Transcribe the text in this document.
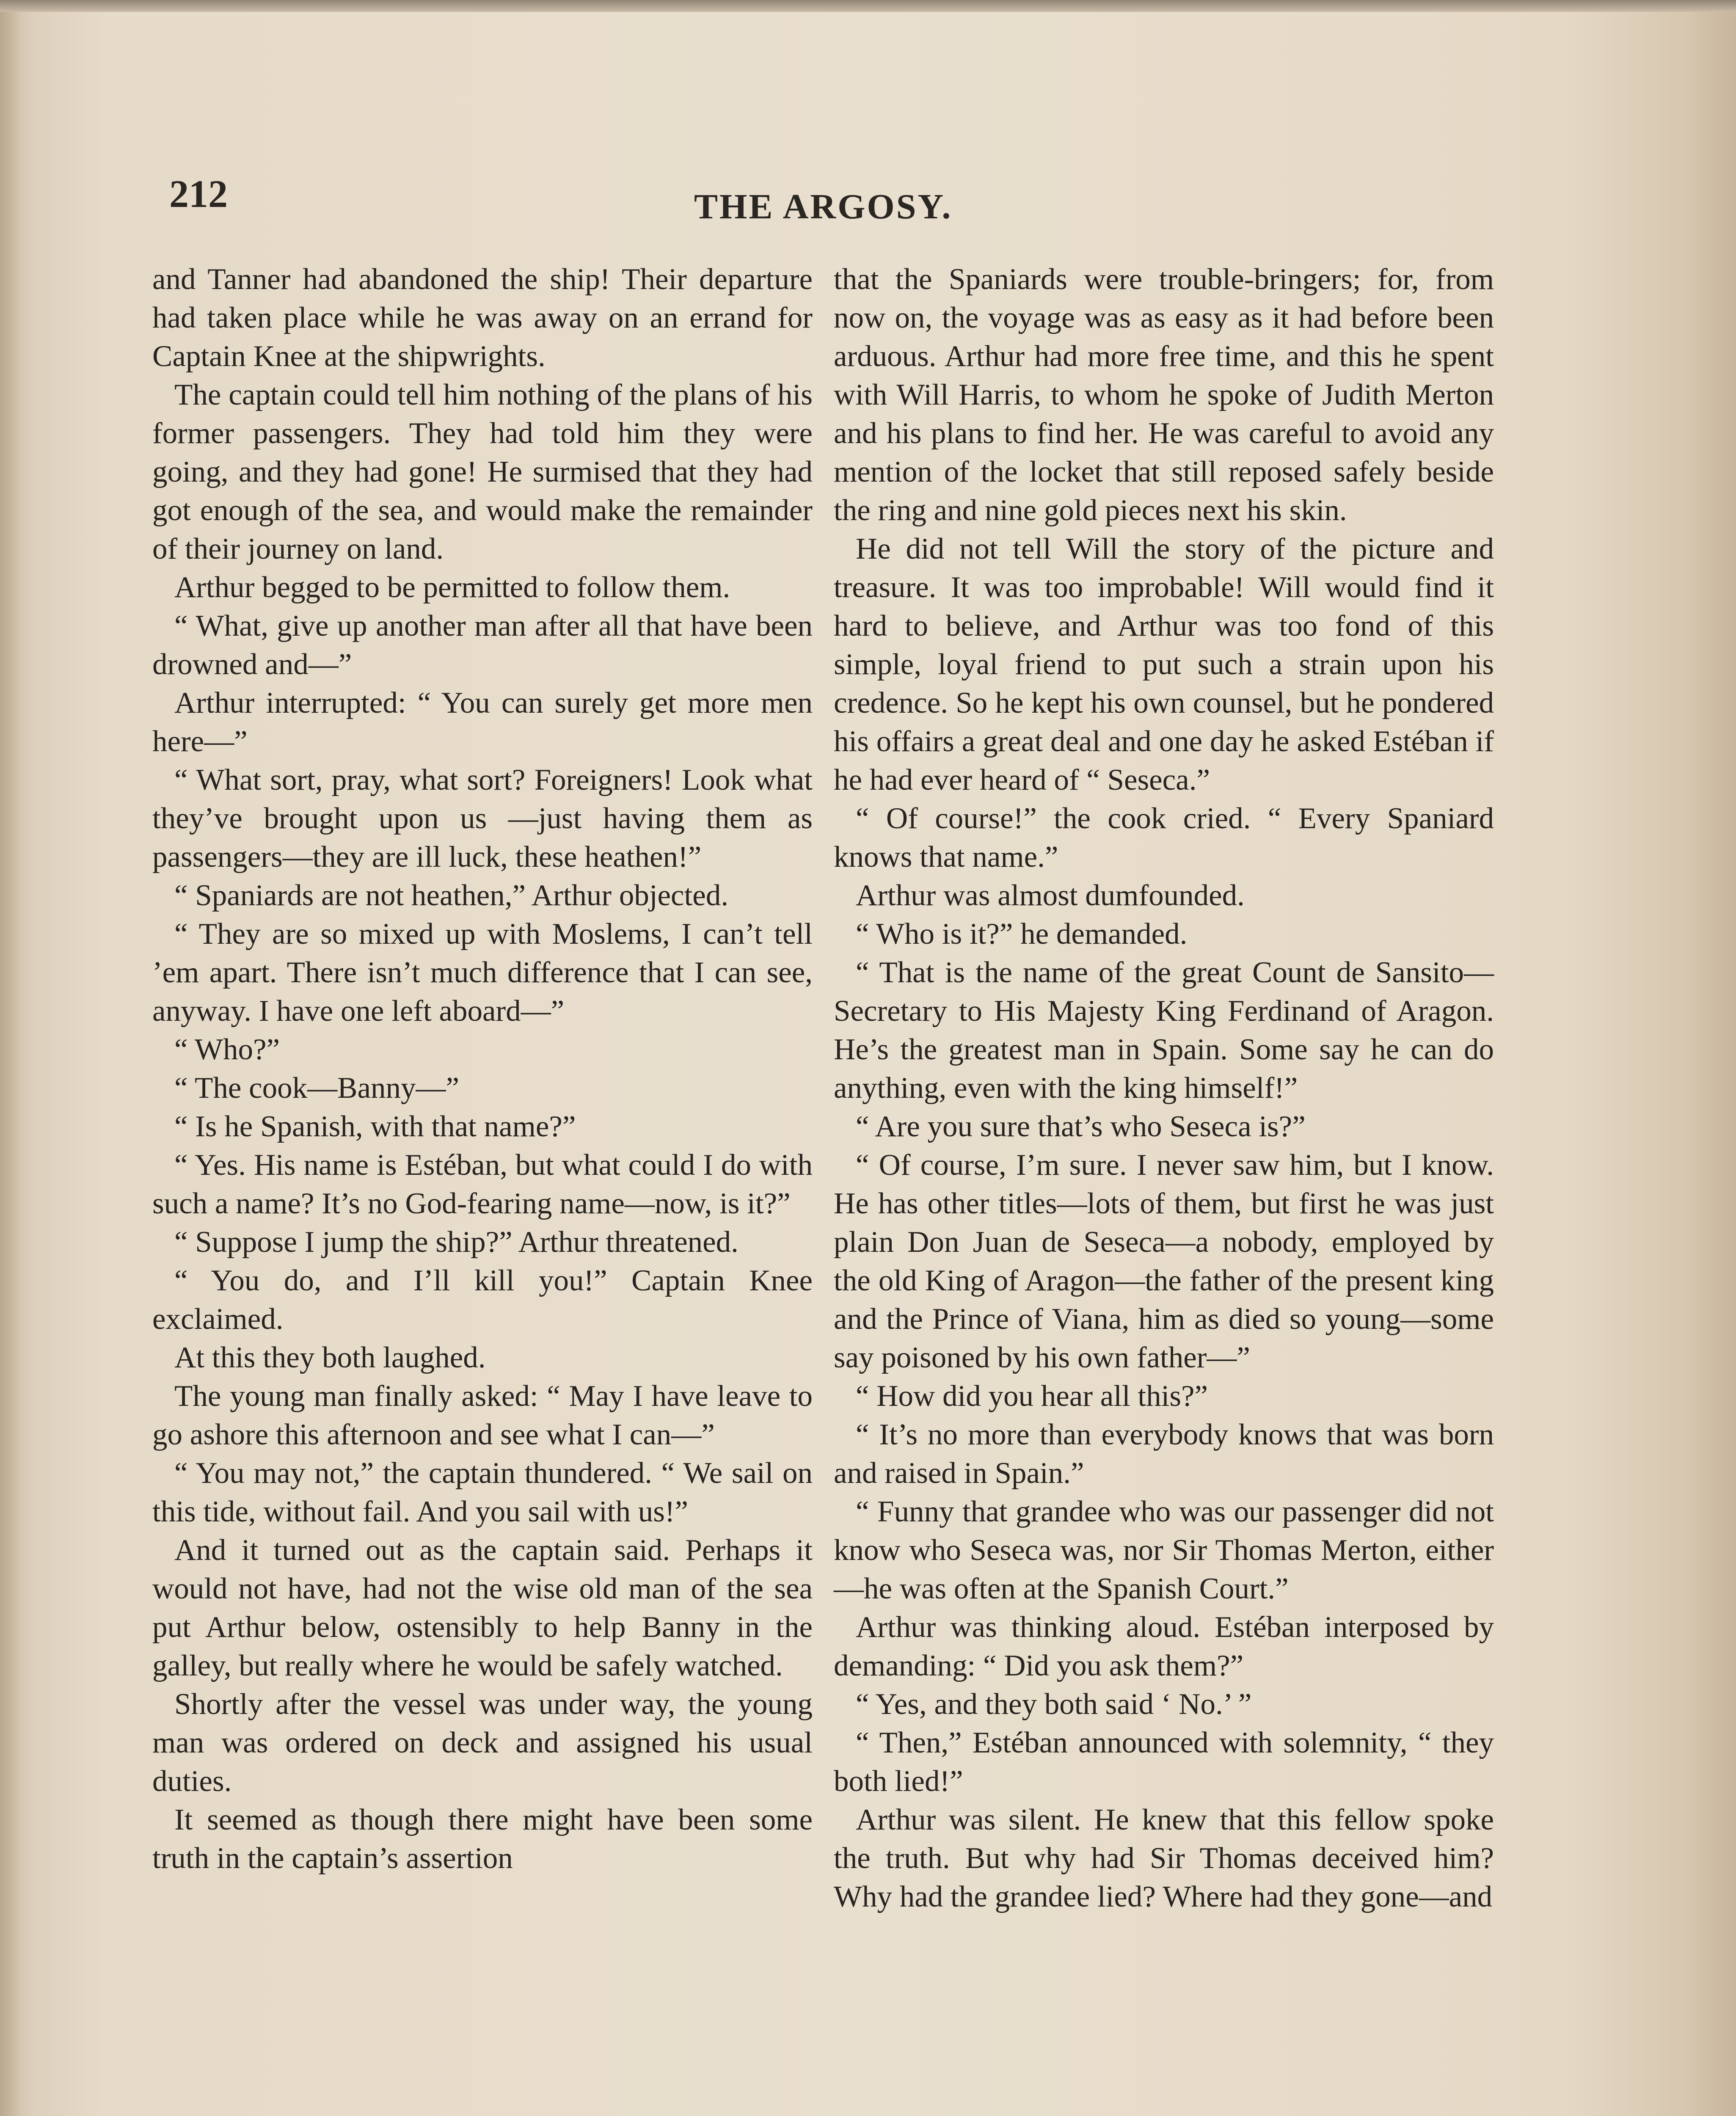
212	THE ARGOSY.

and Tanner had abandoned the ship! Their departure had taken place while he was away on an errand for Captain Knee at the shipwrights.

The captain could tell him nothing of the plans of his former passengers. They had told him they were going, and they had gone! He surmised that they had got enough of the sea, and would make the remainder of their journey on land.

Arthur begged to be permitted to follow them.

“ What, give up another man after all that have been drowned and—”

Arthur interrupted: “ You can surely get more men here—”

“ What sort, pray, what sort? Foreigners! Look what they’ve brought upon us —just having them as passengers—they are ill luck, these heathen!”

“ Spaniards are not heathen,” Arthur objected.

“ They are so mixed up with Moslems, I can’t tell ’em apart. There isn’t much difference that I can see, anyway. I have one left aboard—”

“ Who?”

“ The cook—Banny—”

“ Is he Spanish, with that name?”

“ Yes. His name is Estéban, but what could I do with such a name? It’s no God-fearing name—now, is it?”

“ Suppose I jump the ship?” Arthur threatened.

“ You do, and I’ll kill you!” Captain Knee exclaimed.

At this they both laughed.

The young man finally asked: “ May I have leave to go ashore this afternoon and see what I can—”

“ You may not,” the captain thundered. “ We sail on this tide, without fail. And you sail with us!”

And it turned out as the captain said. Perhaps it would not have, had not the wise old man of the sea put Arthur below, ostensibly to help Banny in the galley, but really where he would be safely watched.

Shortly after the vessel was under way, the young man was ordered on deck and assigned his usual duties.

It seemed as though there might have been some truth in the captain’s assertion

that the Spaniards were trouble-bringers; for, from now on, the voyage was as easy as it had before been arduous. Arthur had more free time, and this he spent with Will Harris, to whom he spoke of Judith Merton and his plans to find her. He was careful to avoid any mention of the locket that still reposed safely beside the ring and nine gold pieces next his skin.

He did not tell Will the story of the picture and treasure. It was too improbable! Will would find it hard to believe, and Arthur was too fond of this simple, loyal friend to put such a strain upon his credence. So he kept his own counsel, but he pondered his offairs a great deal and one day he asked Estéban if he had ever heard of “ Seseca.”

“ Of course!” the cook cried. “ Every Spaniard knows that name.”

Arthur was almost dumfounded.

“ Who is it?” he demanded.

“ That is the name of the great Count de Sansito—Secretary to His Majesty King Ferdinand of Aragon. He’s the greatest man in Spain. Some say he can do anything, even with the king himself!”

“ Are you sure that’s who Seseca is?”

“ Of course, I’m sure. I never saw him, but I know. He has other titles—lots of them, but first he was just plain Don Juan de Seseca—a nobody, employed by the old King of Aragon—the father of the present king and the Prince of Viana, him as died so young—some say poisoned by his own father—”

“ How did you hear all this?”

“ It’s no more than everybody knows that was born and raised in Spain.”

“ Funny that grandee who was our passenger did not know who Seseca was, nor Sir Thomas Merton, either—he was often at the Spanish Court.”

Arthur was thinking aloud. Estéban interposed by demanding: “ Did you ask them?”

“ Yes, and they both said ‘ No.’ ”

“ Then,” Estéban announced with solemnity, “ they both lied!”

Arthur was silent. He knew that this fellow spoke the truth. But why had Sir Thomas deceived him? Why had the grandee lied? Where had they gone—and
